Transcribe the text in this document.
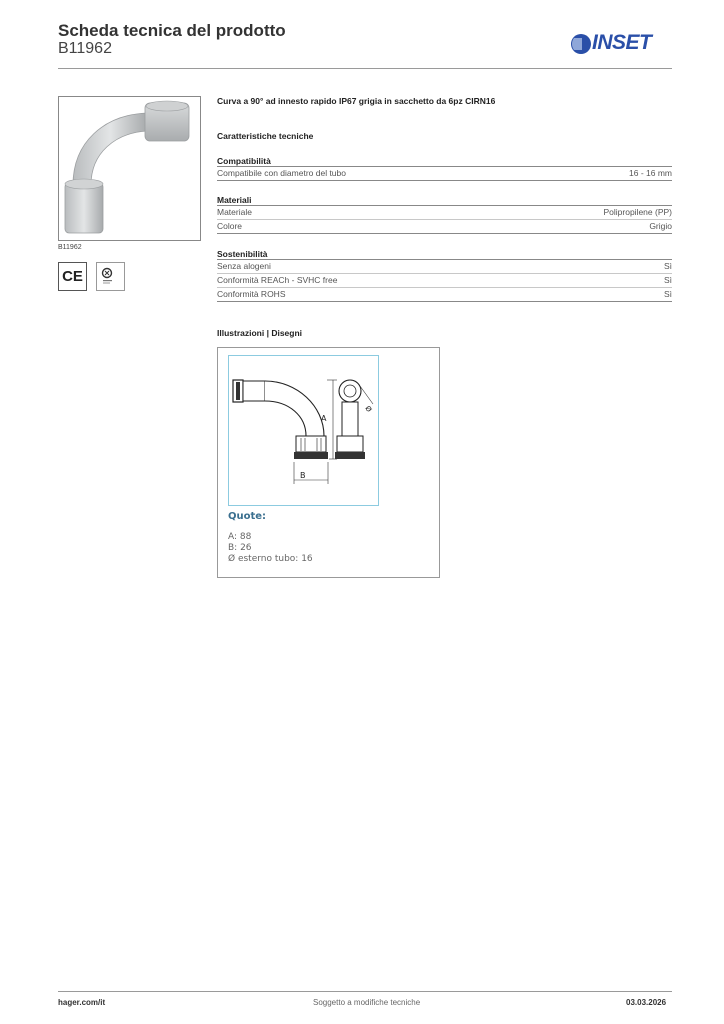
Scheda tecnica del prodotto
B11962	INSET
B11962
CE
Curva a 90° ad innesto rapido IP67 grigia in sacchetto da 6pz CIRN16
Caratteristiche tecniche
Compatibilità
Compatibile con diametro del tubo	16 - 16 mm
Materiali
Materiale	Polipropilene (PP)
Colore	Grigio
Sostenibilità
Senza alogeni	Sì
Conformità REACh - SVHC free	Sì
Conformità ROHS	Sì
Illustrazioni | Disegni
A
B
Ø
Quote:
A: 88
B: 26
Ø esterno tubo: 16
hager.com/it	Soggetto a modifiche tecniche	03.03.2026
